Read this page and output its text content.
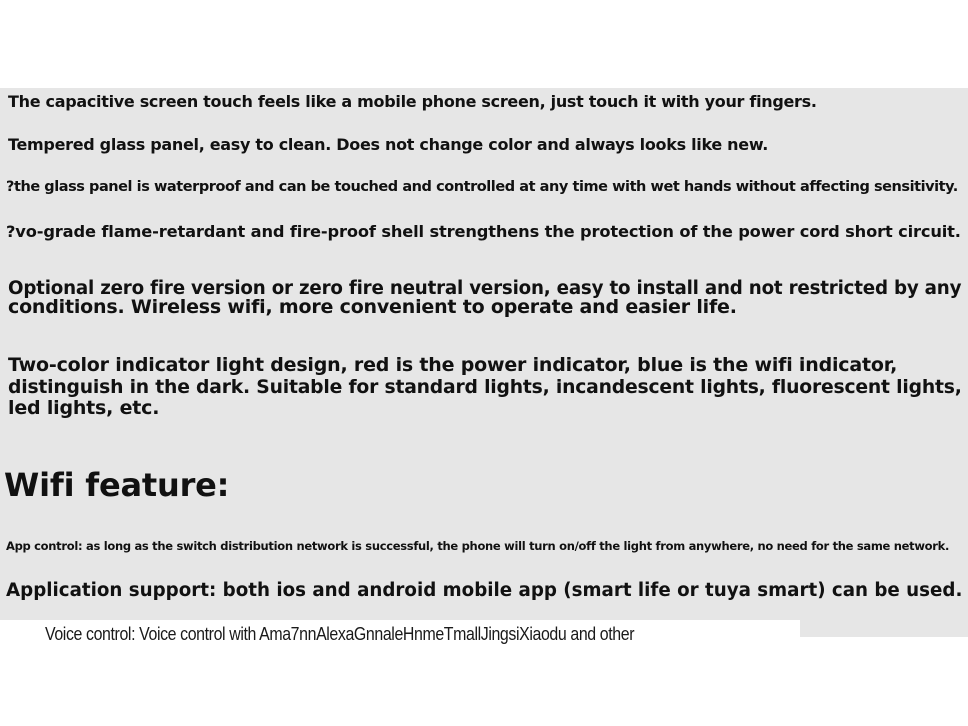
The capacitive screen touch feels like a mobile phone screen, just touch it with your fingers.
Tempered glass panel, easy to clean. Does not change color and always looks like new.
?the glass panel is waterproof and can be touched and controlled at any time with wet hands without affecting sensitivity.
?vo-grade flame-retardant and fire-proof shell strengthens the protection of the power cord short circuit.
Optional zero fire version or zero fire neutral version, easy to install and not restricted by any
conditions. Wireless wifi, more convenient to operate and easier life.
Two-color indicator light design, red is the power indicator, blue is the wifi indicator,
distinguish in the dark. Suitable for standard lights, incandescent lights, fluorescent lights,
led lights, etc.
Wifi feature:
App control: as long as the switch distribution network is successful, the phone will turn on/off the light from anywhere, no need for the same network.
Application support: both ios and android mobile app (smart life or tuya smart) can be used.
Voice control: Voice control with Ama7nnAlexaGnnaleHnmeTmallJingsiXiaodu and other
